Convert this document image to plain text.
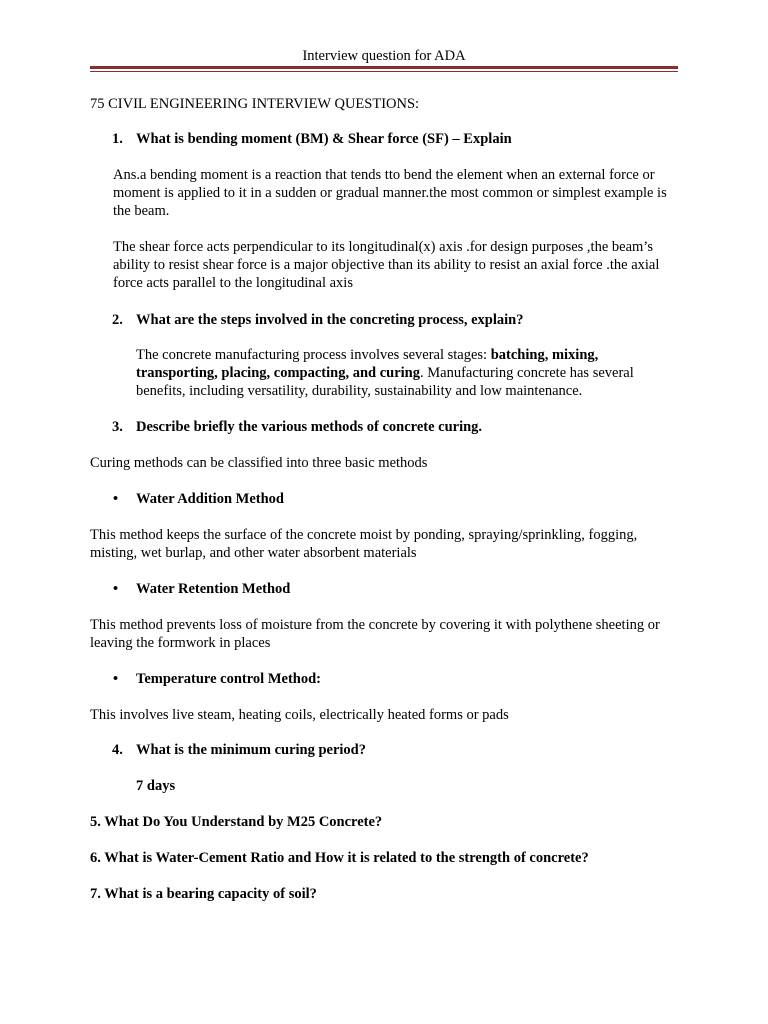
Interview question for ADA
75 CIVIL ENGINEERING INTERVIEW QUESTIONS:
1. What is bending moment (BM) & Shear force (SF) – Explain
Ans.a bending moment is a reaction that tends tto bend the element when an external force or moment is applied to it in a sudden or gradual manner.the most common or simplest example is the beam.
The shear force acts perpendicular to its longitudinal(x) axis .for design purposes ,the beam’s ability to resist shear force is a major objective than its ability to resist an axial force .the axial force acts parallel to the longitudinal axis
2. What are the steps involved in the concreting process, explain?
The concrete manufacturing process involves several stages: batching, mixing, transporting, placing, compacting, and curing. Manufacturing concrete has several benefits, including versatility, durability, sustainability and low maintenance.
3. Describe briefly the various methods of concrete curing.
Curing methods can be classified into three basic methods
• Water Addition Method
This method keeps the surface of the concrete moist by ponding, spraying/sprinkling, fogging, misting, wet burlap, and other water absorbent materials
• Water Retention Method
This method prevents loss of moisture from the concrete by covering it with polythene sheeting or leaving the formwork in places
• Temperature control Method:
This involves live steam, heating coils, electrically heated forms or pads
4. What is the minimum curing period?
7 days
5. What Do You Understand by M25 Concrete?
6. What is Water-Cement Ratio and How it is related to the strength of concrete?
7. What is a bearing capacity of soil?
